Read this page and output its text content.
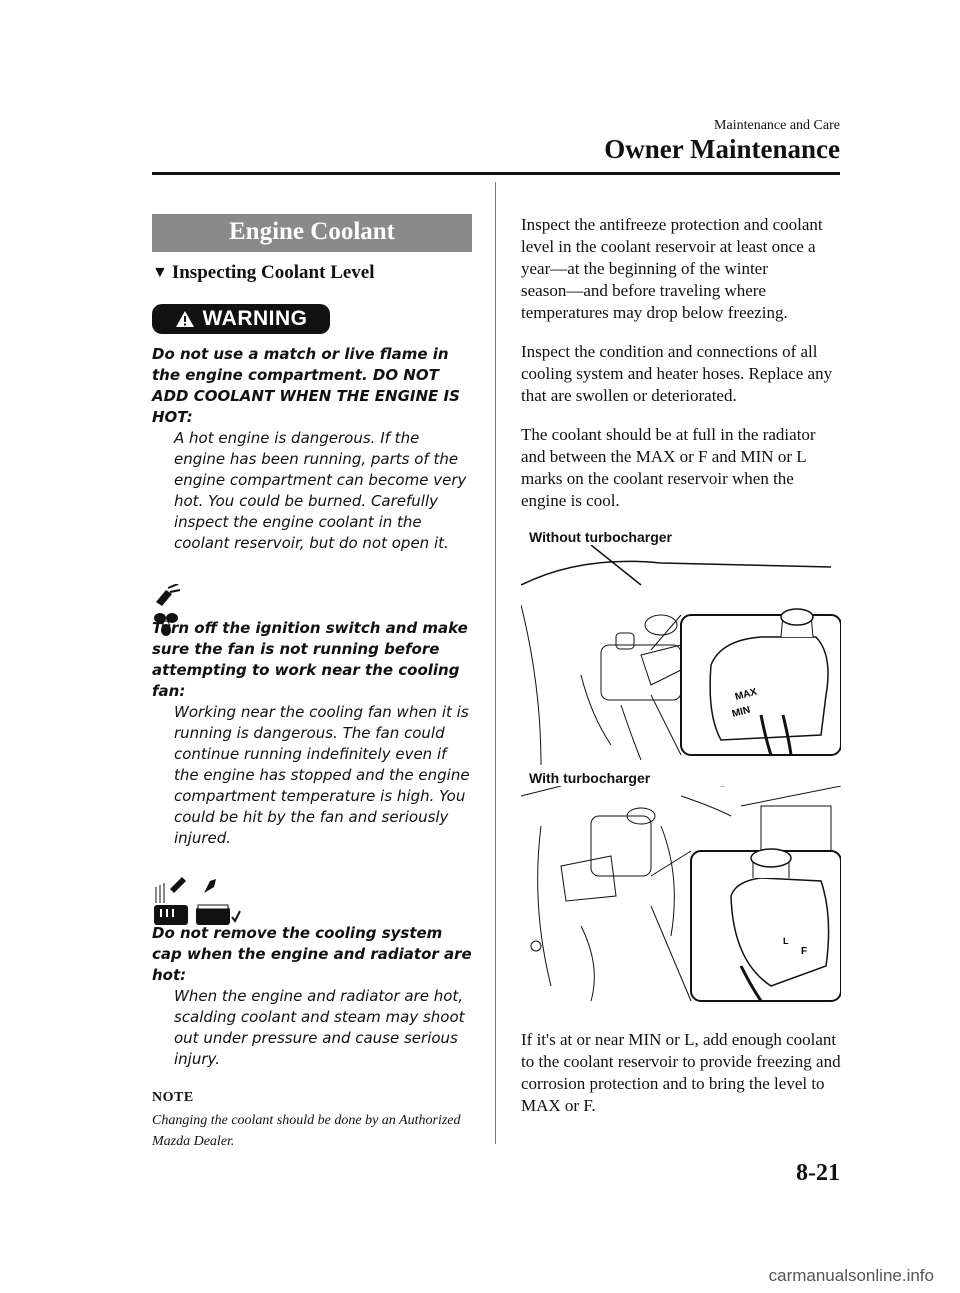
Maintenance and Care
Owner Maintenance
Engine Coolant
▼ Inspecting Coolant Level
WARNING
Do not use a match or live flame in the engine compartment. DO NOT ADD COOLANT WHEN THE ENGINE IS HOT:
A hot engine is dangerous. If the engine has been running, parts of the engine compartment can become very hot. You could be burned. Carefully inspect the engine coolant in the coolant reservoir, but do not open it.
Turn off the ignition switch and make sure the fan is not running before attempting to work near the cooling fan:
Working near the cooling fan when it is running is dangerous. The fan could continue running indefinitely even if the engine has stopped and the engine compartment temperature is high. You could be hit by the fan and seriously injured.
Do not remove the cooling system cap when the engine and radiator are hot:
When the engine and radiator are hot, scalding coolant and steam may shoot out under pressure and cause serious injury.
NOTE
Changing the coolant should be done by an Authorized Mazda Dealer.
Inspect the antifreeze protection and coolant level in the coolant reservoir at least once a year―at the beginning of the winter season―and before traveling where temperatures may drop below freezing.
Inspect the condition and connections of all cooling system and heater hoses. Replace any that are swollen or deteriorated.
The coolant should be at full in the radiator and between the MAX or F and MIN or L marks on the coolant reservoir when the engine is cool.
Without turbocharger
MAX
MIN
With turbocharger
F
L
If it's at or near MIN or L, add enough coolant to the coolant reservoir to provide freezing and corrosion protection and to bring the level to MAX or F.
8-21
carmanualsonline.info
